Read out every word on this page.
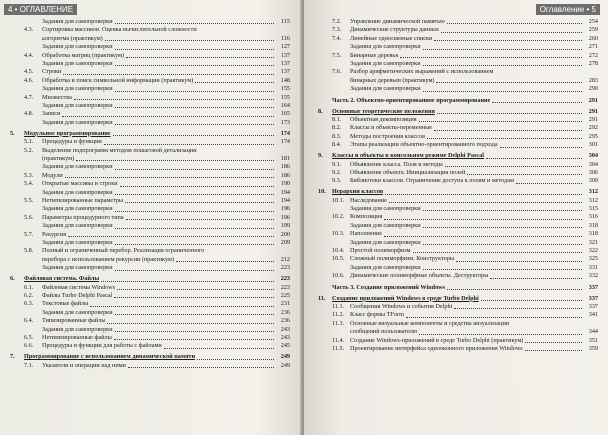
4 • ОГЛАВЛЕНИЕ
Задания для самопроверки	115
4.3.	Сортировка массивов. Оценка вычислительной сложности
алгоритма (практикум)	116
Задания для самопроверки	127
4.4.	Обработка матриц (практикум)	137
Задания для самопроверки	137
4.5.	Строки	137
4.6.	Обработка и поиск символьной информации (практикум)	148
Задания для самопроверки	155
4.7.	Множества	155
Задания для самопроверки	164
4.8.	Записи	165
Задания для самопроверки	173
5.	Модульное программирование	174
5.1.	Процедуры и функции	174
5.2.	Выделение подпрограмм методом пошаговой детализации
(практикум)	181
Задания для самопроверки	186
5.3.	Модули	186
5.4.	Открытые массивы и строки	190
Задания для самопроверки	194
5.5.	Нетипизированные параметры	194
Задания для самопроверки	196
5.6.	Параметры процедурного типа	196
Задания для самопроверки	199
5.7.	Рекурсия	200
Задания для самопроверки	209
5.8.	Полный и ограниченный перебор. Реализация ограниченного
перебора с использованием рекурсии (практикум)	212
Задания для самопроверки	223
6.	Файловая система. Файлы	223
6.1.	Файловая система Windows	223
6.2.	Файлы Turbo Delphi Pascal	225
6.3.	Текстовые файлы	231
Задания для самопроверки	236
6.4.	Типизированные файлы	236
Задания для самопроверки	243
6.5.	Нетипизированные файлы	243
6.6.	Процедуры и функции для работы с файлами	245
7.	Программирование с использованием динамической памяти	249
7.1.	Указатели и операции над ними	249
Оглавление • 5
7.2.	Управление динамической памятью	254
7.3.	Динамические структуры данных	259
7.4.	Линейные односвязные списки	260
Задания для самопроверки	271
7.5.	Бинарные деревья	272
Задания для самопроверки	278
7.6.	Разбор арифметических выражений с использованием
бинарных деревьев (практикум)	283
Задания для самопроверки	290
Часть 2. Объектно-ориентированное программирование	291
8.	Основные теоретические положения	291
8.1.	Объектная декомпозиция	291
8.2.	Классы и объекты-переменные	292
8.3.	Методы построения классов	295
8.4.	Этапы реализации объектно-ориентированного подхода	301
9.	Классы и объекты в консольном режиме Delphi Pascal	304
9.1.	Объявление класса. Поля и методы	304
9.2.	Объявление объекта. Инициализация полей	306
9.3.	Библиотеки классов. Ограничение доступа к полям и методам	309
10.	Иерархии классов	312
10.1. Наследование	312
Задания для самопроверки	315
10.2. Композиция	316
Задания для самопроверки	318
10.3. Наполнение	318
Задания для самопроверки	321
10.4. Простой полиморфизм	322
10.5. Сложный полиморфизм. Конструкторы	325
Задания для самопроверки	331
10.6. Динамические полиморфные объекты. Деструкторы	332
Часть 3. Создание приложений Windows	337
11.	Создание приложений Windows в среде Turbo Delphi	337
11.1. Сообщения Windows и события Delphi	337
11.2. Класс формы TForm	341
11.3. Основные визуальные компоненты и средства визуализации
сообщений пользователю	344
11.4. Создание Windows-приложений в среде Turbo Delphi (практикум)	351
11.5. Проектирование интерфейса однооконного приложения Windows	359
